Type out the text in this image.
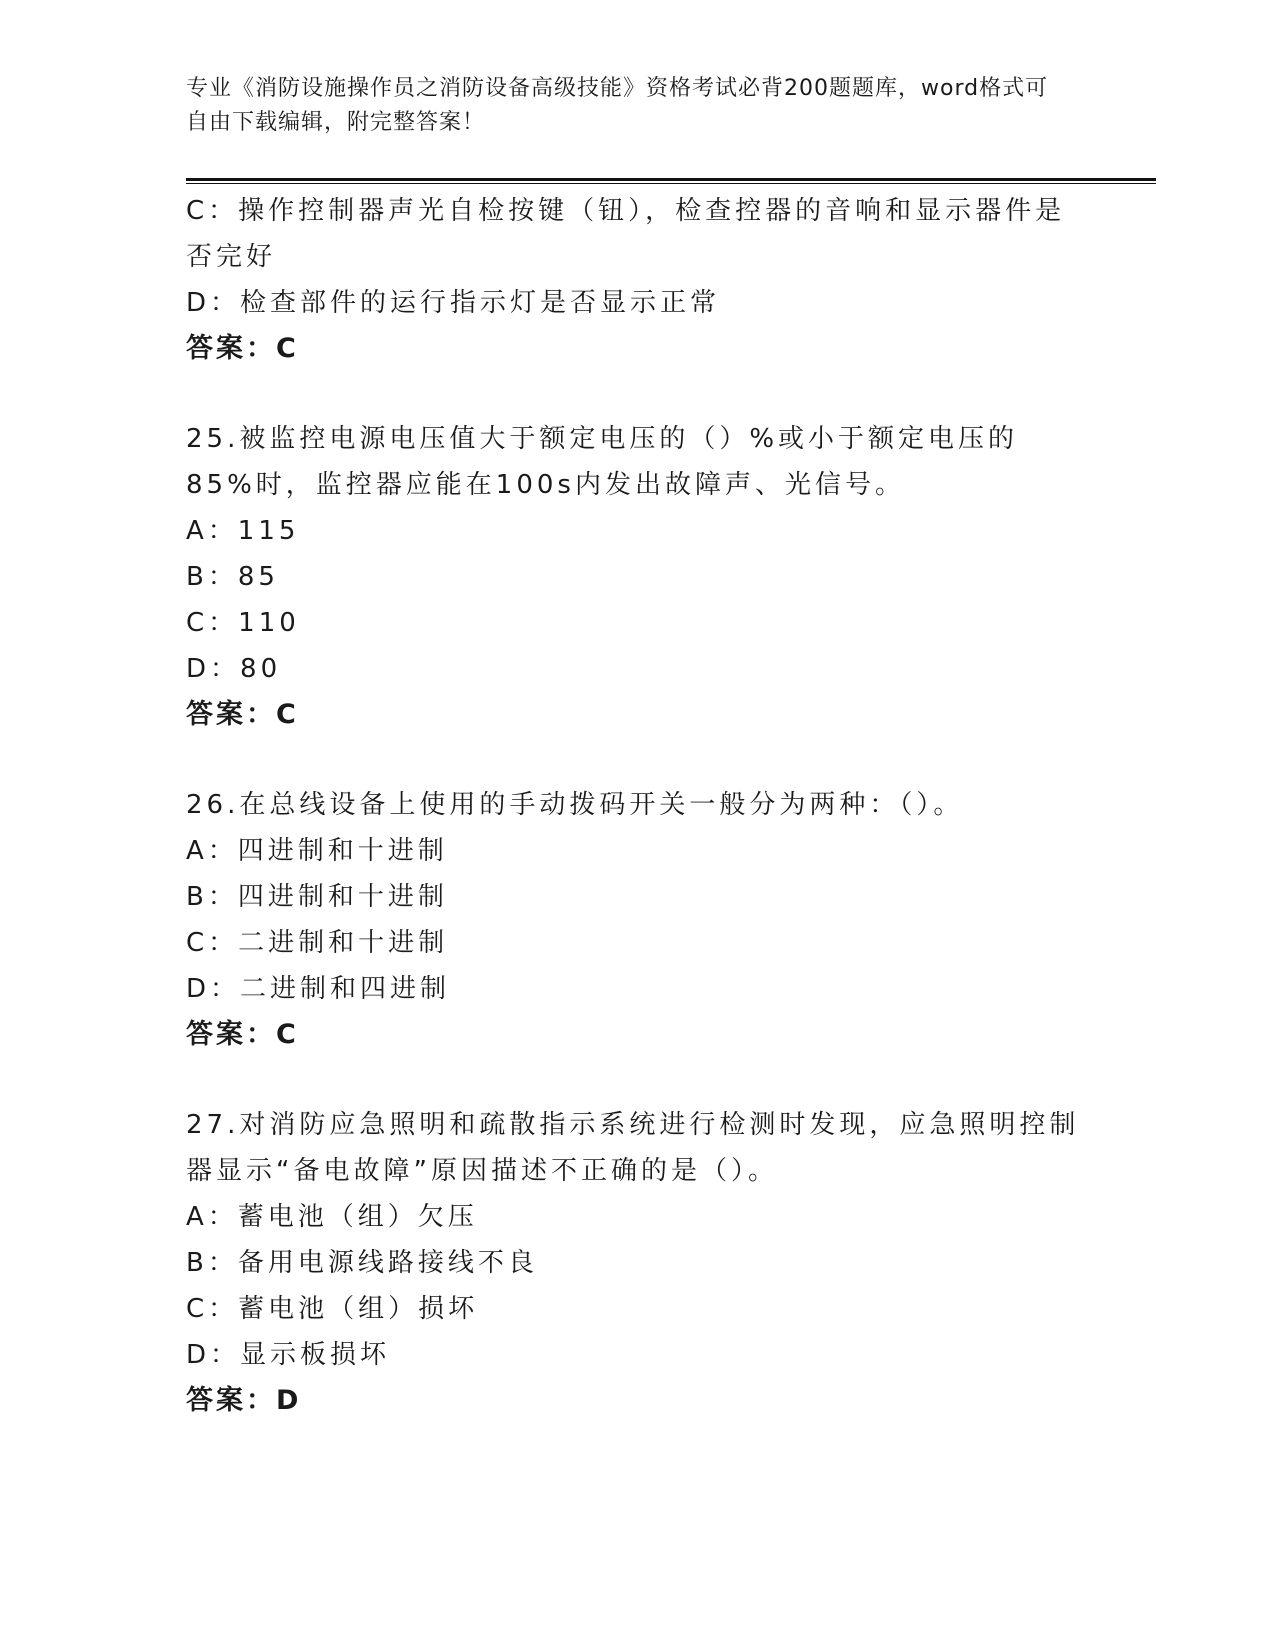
专业《消防设施操作员之消防设备高级技能》资格考试必背200题题库，word格式可自由下载编辑，附完整答案！
C：操作控制器声光自检按键（钮），检查控器的音响和显示器件是否完好
D：检查部件的运行指示灯是否显示正常
答案：C
25.被监控电源电压值大于额定电压的（）%或小于额定电压的85%时，监控器应能在100s内发出故障声、光信号。
A：115
B：85
C：110
D：80
答案：C
26.在总线设备上使用的手动拨码开关一般分为两种：（）。
A：四进制和十进制
B：四进制和十进制
C：二进制和十进制
D：二进制和四进制
答案：C
27.对消防应急照明和疏散指示系统进行检测时发现，应急照明控制器显示“备电故障”原因描述不正确的是（）。
A：蓄电池（组）欠压
B：备用电源线路接线不良
C：蓄电池（组）损坏
D：显示板损坏
答案：D
